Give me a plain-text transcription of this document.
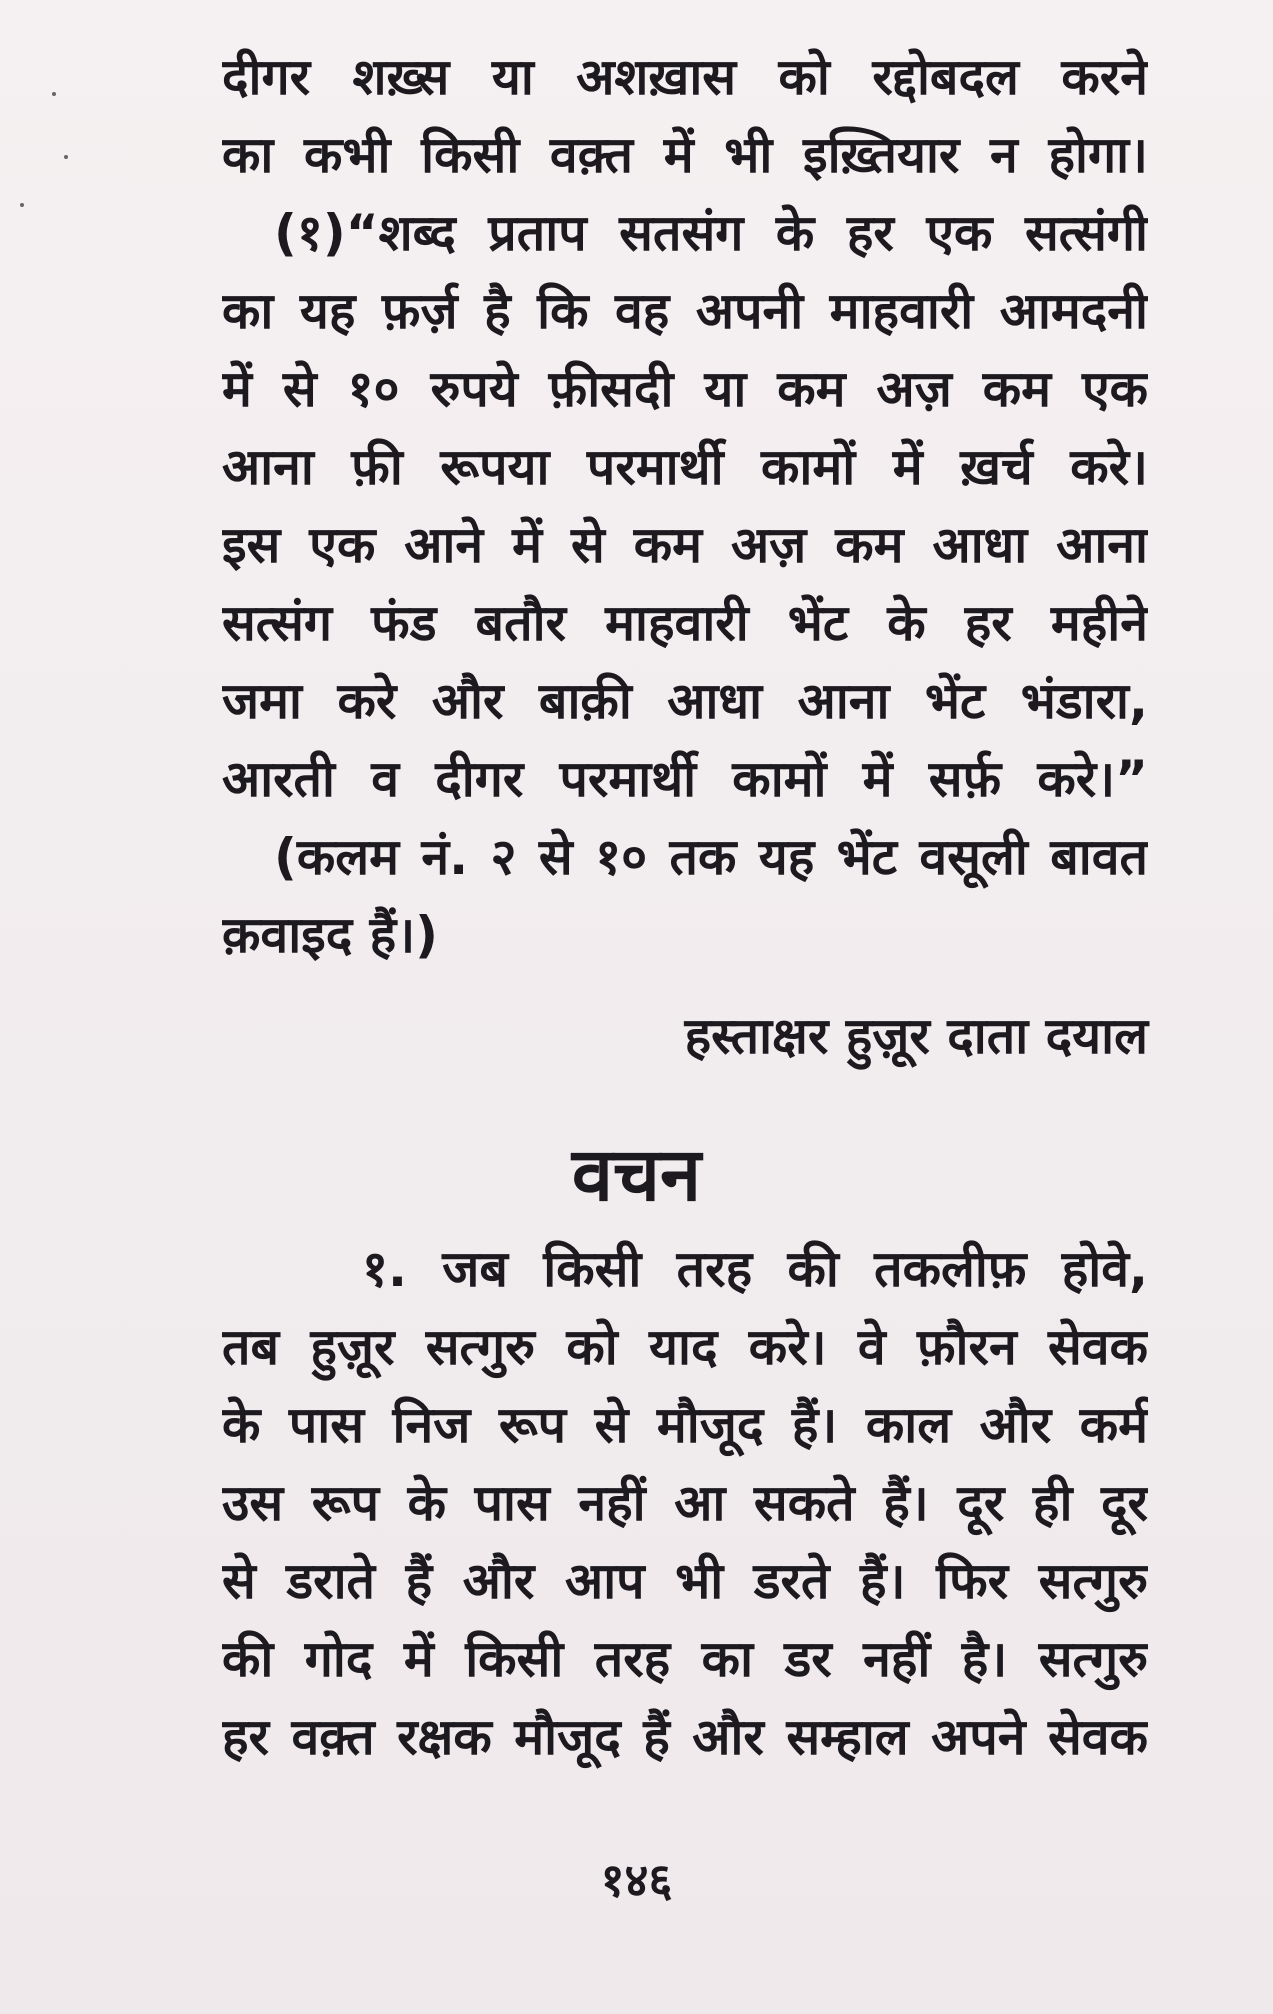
दीगर शख़्स या अशख़ास को रद्दोबदल करने
का कभी किसी वक़्त में भी इख़्तियार न होगा।
(१)“शब्द प्रताप सतसंग के हर एक सत्संगी
का यह फ़र्ज़ है कि वह अपनी माहवारी आमदनी
में से १० रुपये फ़ीसदी या कम अज़ कम एक
आना फ़ी रूपया परमार्थी कामों में ख़र्च करे।
इस एक आने में से कम अज़ कम आधा आना
सत्संग फंड बतौर माहवारी भेंट के हर महीने
जमा करे और बाक़ी आधा आना भेंट भंडारा,
आरती व दीगर परमार्थी कामों में सर्फ़ करे।”
(कलम नं. २ से १० तक यह भेंट वसूली बावत
क़वाइद हैं।)
हस्ताक्षर हुज़ूर दाता दयाल
वचन
१. जब किसी तरह की तकलीफ़ होवे,
तब हुज़ूर सत्गुरु को याद करे। वे फ़ौरन सेवक
के पास निज रूप से मौजूद हैं। काल और कर्म
उस रूप के पास नहीं आ सकते हैं। दूर ही दूर
से डराते हैं और आप भी डरते हैं। फिर सत्गुरु
की गोद में किसी तरह का डर नहीं है। सत्गुरु
हर वक़्त रक्षक मौजूद हैं और सम्हाल अपने सेवक
१४६
